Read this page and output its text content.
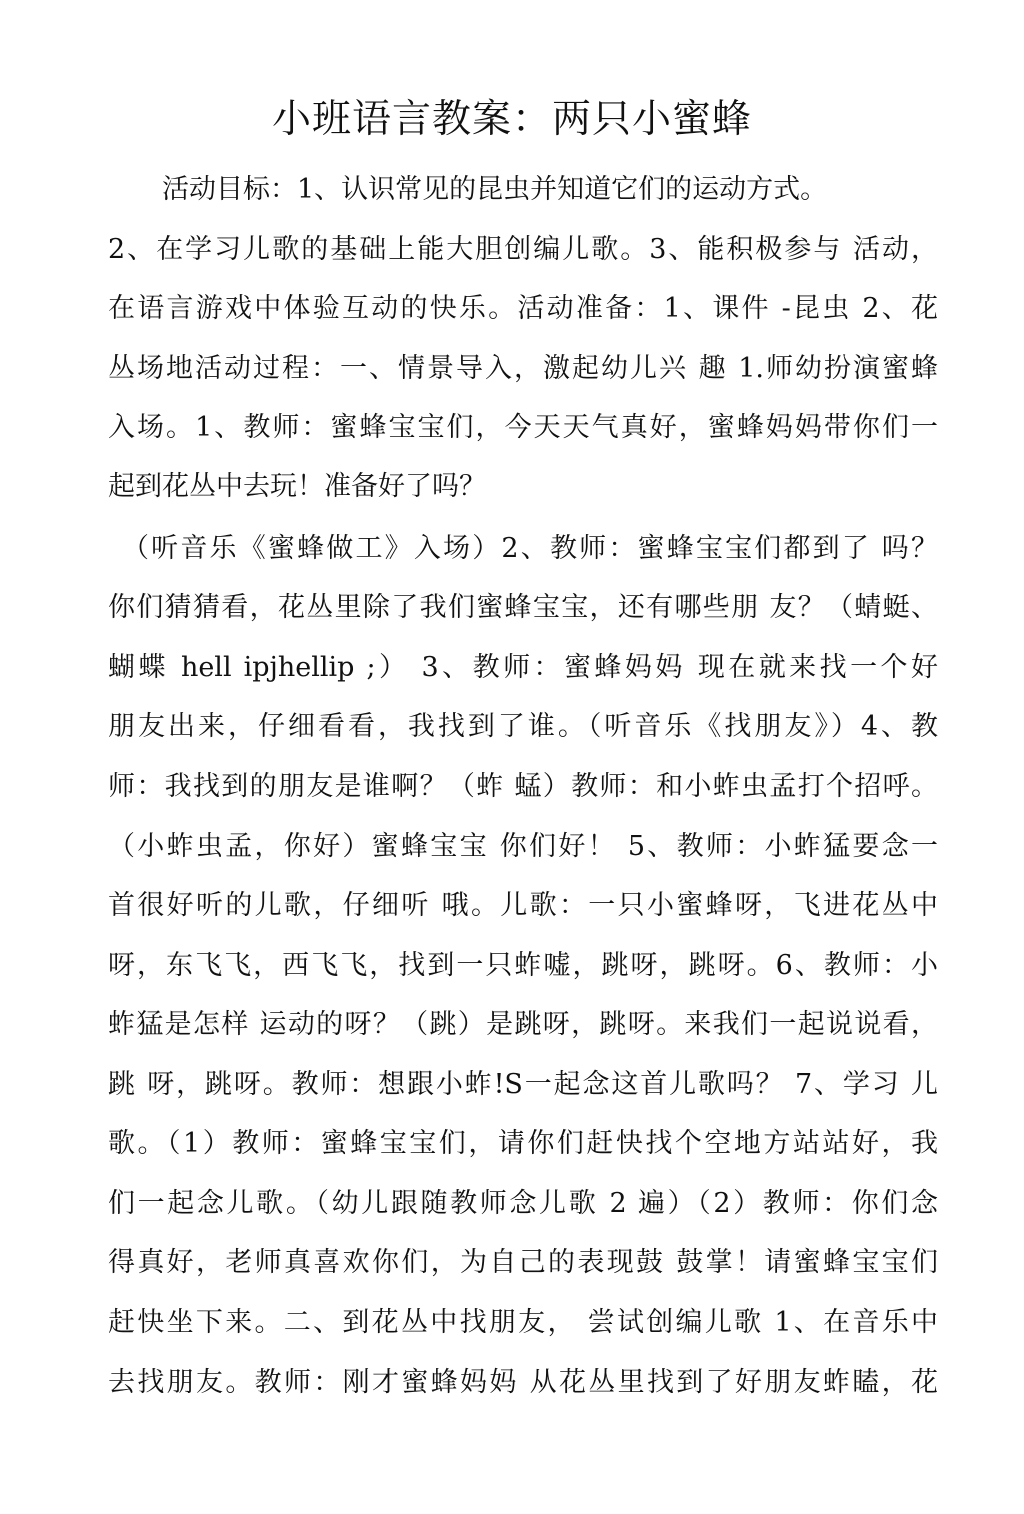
小班语言教案：两只小蜜蜂
活动目标：1、认识常见的昆虫并知道它们的运动方式。
2、在学习儿歌的基础上能大胆创编儿歌。3、能积极参与 活动，
在语言游戏中体验互动的快乐。活动准备：1、课件 -昆虫 2、花
丛场地活动过程：一、情景导入，激起幼儿兴 趣 1.师幼扮演蜜蜂
入场。1、教师：蜜蜂宝宝们，今天天气真好，蜜蜂妈妈带你们一
起到花丛中去玩！准备好了吗？
（听音乐《蜜蜂做工》入场）2、教师：蜜蜂宝宝们都到了 吗？
你们猜猜看，花丛里除了我们蜜蜂宝宝，还有哪些朋 友？（蜻蜓、
蝴蝶 hell ipjhellip ;） 3、教师：蜜蜂妈妈 现在就来找一个好
朋友出来，仔细看看，我找到了谁。（听音乐《找朋友》）4、教
师：我找到的朋友是谁啊？（蚱 蜢）教师：和小蚱虫孟打个招呼。
（小蚱虫孟，你好）蜜蜂宝宝 你们好！ 5、教师：小蚱猛要念一
首很好听的儿歌，仔细听 哦。儿歌：一只小蜜蜂呀，飞进花丛中
呀，东飞飞，西飞飞，找到一只蚱嘘，跳呀，跳呀。6、教师：小
蚱猛是怎样 运动的呀？（跳）是跳呀，跳呀。来我们一起说说看，
跳 呀，跳呀。教师：想跟小蚱!S一起念这首儿歌吗？ 7、学习 儿
歌。（1）教师：蜜蜂宝宝们，请你们赶快找个空地方站站好，我
们一起念儿歌。（幼儿跟随教师念儿歌 2 遍）（2）教师：你们念
得真好，老师真喜欢你们，为自己的表现鼓 鼓掌！请蜜蜂宝宝们
赶快坐下来。二、到花丛中找朋友， 尝试创编儿歌 1、在音乐中
去找朋友。教师：刚才蜜蜂妈妈 从花丛里找到了好朋友蚱瞌，花
